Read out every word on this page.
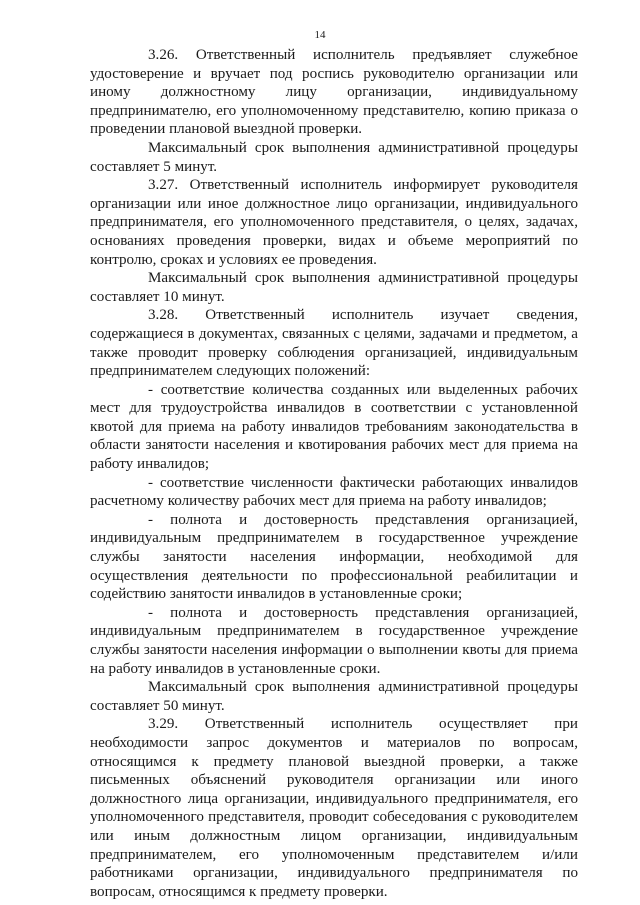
14

3.26. Ответственный исполнитель предъявляет служебное удостоверение и вручает под роспись руководителю организации или иному должностному лицу организации, индивидуальному предпринимателю, его уполномоченному представителю, копию приказа о проведении плановой выездной проверки.

Максимальный срок выполнения административной процедуры составляет 5 минут.

3.27. Ответственный исполнитель информирует руководителя организации или иное должностное лицо организации, индивидуального предпринимателя, его уполномоченного представителя, о целях, задачах, основаниях проведения проверки, видах и объеме мероприятий по контролю, сроках и условиях ее проведения.

Максимальный срок выполнения административной процедуры составляет 10 минут.

3.28. Ответственный исполнитель изучает сведения, содержащиеся в документах, связанных с целями, задачами и предметом, а также проводит проверку соблюдения организацией, индивидуальным предпринимателем следующих положений:

- соответствие количества созданных или выделенных рабочих мест для трудоустройства инвалидов в соответствии с установленной квотой для приема на работу инвалидов требованиям законодательства в области занятости населения и квотирования рабочих мест для приема на работу инвалидов;

- соответствие численности фактически работающих инвалидов расчетному количеству рабочих мест для приема на работу инвалидов;

- полнота и достоверность представления организацией, индивидуальным предпринимателем в государственное учреждение службы занятости населения информации, необходимой для осуществления деятельности по профессиональной реабилитации и содействию занятости инвалидов в установленные сроки;

- полнота и достоверность представления организацией, индивидуальным предпринимателем в государственное учреждение службы занятости населения информации о выполнении квоты для приема на работу инвалидов в установленные сроки.

Максимальный срок выполнения административной процедуры составляет 50 минут.

3.29. Ответственный исполнитель осуществляет при необходимости запрос документов и материалов по вопросам, относящимся к предмету плановой выездной проверки, а также письменных объяснений руководителя организации или иного должностного лица организации, индивидуального предпринимателя, его уполномоченного представителя, проводит собеседования с руководителем или иным должностным лицом организации, индивидуальным предпринимателем, его уполномоченным представителем и/или работниками организации, индивидуального предпринимателя по вопросам, относящимся к предмету проверки.
